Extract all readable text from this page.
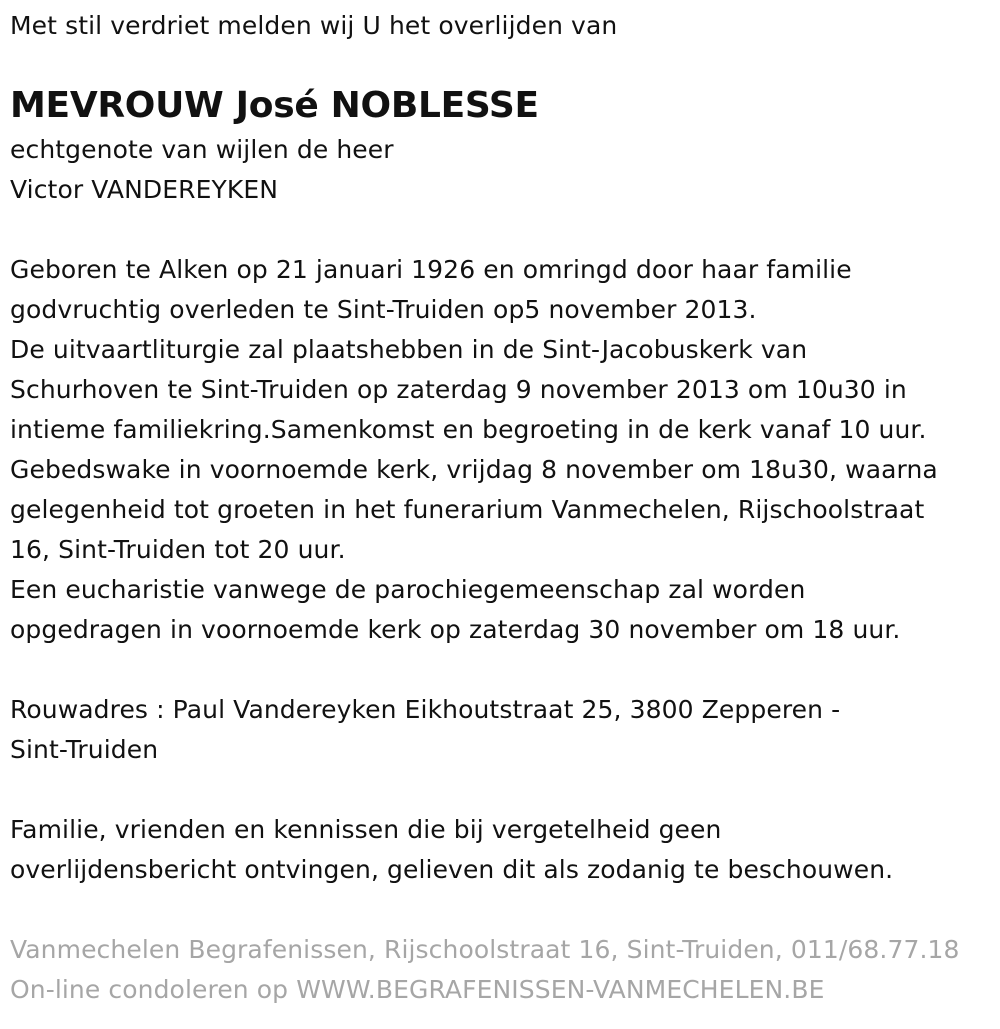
Met stil verdriet melden wij U het overlijden van
MEVROUW José NOBLESSE
echtgenote van wijlen de heer
Victor VANDEREYKEN
Geboren te Alken op 21 januari 1926 en omringd door haar familie
godvruchtig overleden te Sint-Truiden op5 november 2013.
De uitvaartliturgie zal plaatshebben in de Sint-Jacobuskerk van
Schurhoven te Sint-Truiden op zaterdag 9 november 2013 om 10u30 in
intieme familiekring.Samenkomst en begroeting in de kerk vanaf 10 uur.
Gebedswake in voornoemde kerk, vrijdag 8 november om 18u30, waarna
gelegenheid tot groeten in het funerarium Vanmechelen, Rijschoolstraat
16, Sint-Truiden tot 20 uur.
Een eucharistie vanwege de parochiegemeenschap zal worden
opgedragen in voornoemde kerk op zaterdag 30 november om 18 uur.
Rouwadres : Paul Vandereyken Eikhoutstraat 25, 3800 Zepperen -
Sint-Truiden
Familie, vrienden en kennissen die bij vergetelheid geen
overlijdensbericht ontvingen, gelieven dit als zodanig te beschouwen.
Vanmechelen Begrafenissen, Rijschoolstraat 16, Sint-Truiden, 011/68.77.18
On-line condoleren op WWW.BEGRAFENISSEN-VANMECHELEN.BE
